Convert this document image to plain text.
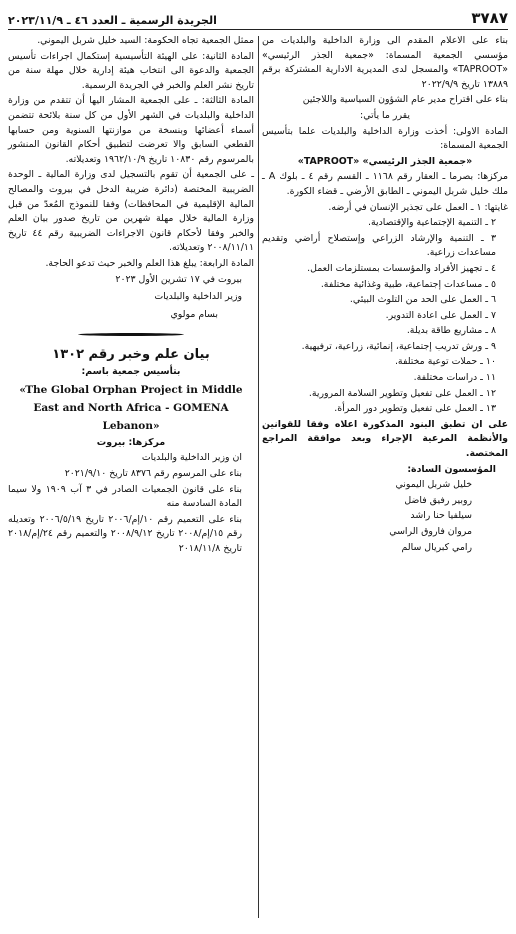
٣٧٨٧
الجريدة الرسمية ـ العدد ٤٦ ـ ٢٠٢٣/١١/٩

بناء على الاعلام المقدم الى وزارة الداخلية والبلديات من مؤسسي الجمعية المسماة: «جمعية الجذر الرئيسي» «TAPROOT» والمسجل لدى المديرية الادارية المشتركة برقم ١٣٨٨٩ تاريخ ٢٠٢٢/٩/٩

بناء على اقتراح مدير عام الشؤون السياسية واللاجئين

يقرر ما يأتي:

المادة الاولى: أخذت وزارة الداخلية والبلديات علما بتأسيس الجمعية المسماة:

«جمعية الجذر الرئيسي» «TAPROOT»

مركزها: بصرما ـ العقار رقم ١١٦٨ ـ القسم رقم ٤ ـ بلوك A ـ ملك خليل شربل اليموني ـ الطابق الأرضي ـ قضاء الكورة.

غايتها: ١ ـ العمل على تجذير الإنسان في أرضه.

٢ ـ التنمية الإجتماعية والإقتصادية.

٣ ـ التنمية والإرشاد الزراعي وإستصلاح أراضي وتقديم مساعدات زراعية.

٤ ـ تجهيز الأفراد والمؤسسات بمستلزمات العمل.

٥ ـ مساعدات إجتماعية، طبية وغذائية مختلفة.

٦ ـ العمل على الحد من التلوث البيئي.

٧ ـ العمل على اعادة التدوير.

٨ ـ مشاريع طاقة بديلة.

٩ ـ ورش تدريب إجتماعية، إنمائية، زراعية، ترفيهية.

١٠ ـ حملات توعية مختلفة.

١١ ـ دراسات مختلفة.

١٢ ـ العمل على تفعيل وتطوير السلامة المرورية.

١٣ ـ العمل على تفعيل وتطوير دور المرأة.

على ان تطبق البنود المذكورة اعلاه وفقا للقوانين والأنظمة المرعية الإجراء وبعد موافقة المراجع المختصة.

المؤسسون السادة:

خليل شربل اليموني

روبير رفيق فاضل

سيلفيا حنا راشد

مروان فاروق الراسي

رامي كبريال سالم

ممثل الجمعية تجاه الحكومة: السيد خليل شربل اليموني.

المادة الثانية: على الهيئة التأسيسية إستكمال اجراءات تأسيس الجمعية والدعوة الى انتخاب هيئة إدارية خلال مهلة سنة من تاريخ نشر العلم والخبر في الجريدة الرسمية.

المادة الثالثة: ـ على الجمعية المشار اليها أن تتقدم من وزارة الداخلية والبلديات في الشهر الأول من كل سنة بلائحة تتضمن أسماء أعضائها وبنسخة من موازنتها السنوية ومن حسابها القطعي السابق والا تعرضت لتطبيق أحكام القانون المنشور بالمرسوم رقم ١٠٨٣٠ تاريخ ١٩٦٢/١٠/٩ وتعديلاته.

ـ على الجمعية أن تقوم بالتسجيل لدى وزارة المالية ـ الوحدة الضريبية المختصة (دائرة ضريبة الدخل في بيروت والمصالح المالية الإقليمية في المحافظات) وفقا للنموذج المُعدّ من قبل وزارة المالية خلال مهلة شهرين من تاريخ صدور بيان العلم والخبر وفقا لأحكام قانون الاجراءات الضريبية رقم ٤٤ تاريخ ٢٠٠٨/١١/١١ وتعديلاته.

المادة الرابعة: يبلغ هذا العلم والخبر حيث تدعو الحاجة.

بيروت في ١٧ تشرين الأول ٢٠٢٣

وزير الداخلية والبلديات

بسام مولوي

بيان علم وخبر رقم ١٣٠٢

بتأسيس جمعية باسم:

«The Global Orphan Project in Middle East and North Africa - GOMENA Lebanon»

مركزها: بيروت

ان وزير الداخلية والبلديات

بناء على المرسوم رقم ٨٣٧٦ تاريخ ٢٠٢١/٩/١٠

بناء على قانون الجمعيات الصادر في ٣ آب ١٩٠٩ ولا سيما المادة السادسة منه

بناء على التعميم رقم ١٠/إم/٢٠٠٦ تاريخ ٢٠٠٦/٥/١٩ وتعديله رقم ١٥/إم/٢٠٠٨ تاريخ ٢٠٠٨/٩/١٢ والتعميم رقم ٢٤/إم/٢٠١٨ تاريخ ٢٠١٨/١١/٨
